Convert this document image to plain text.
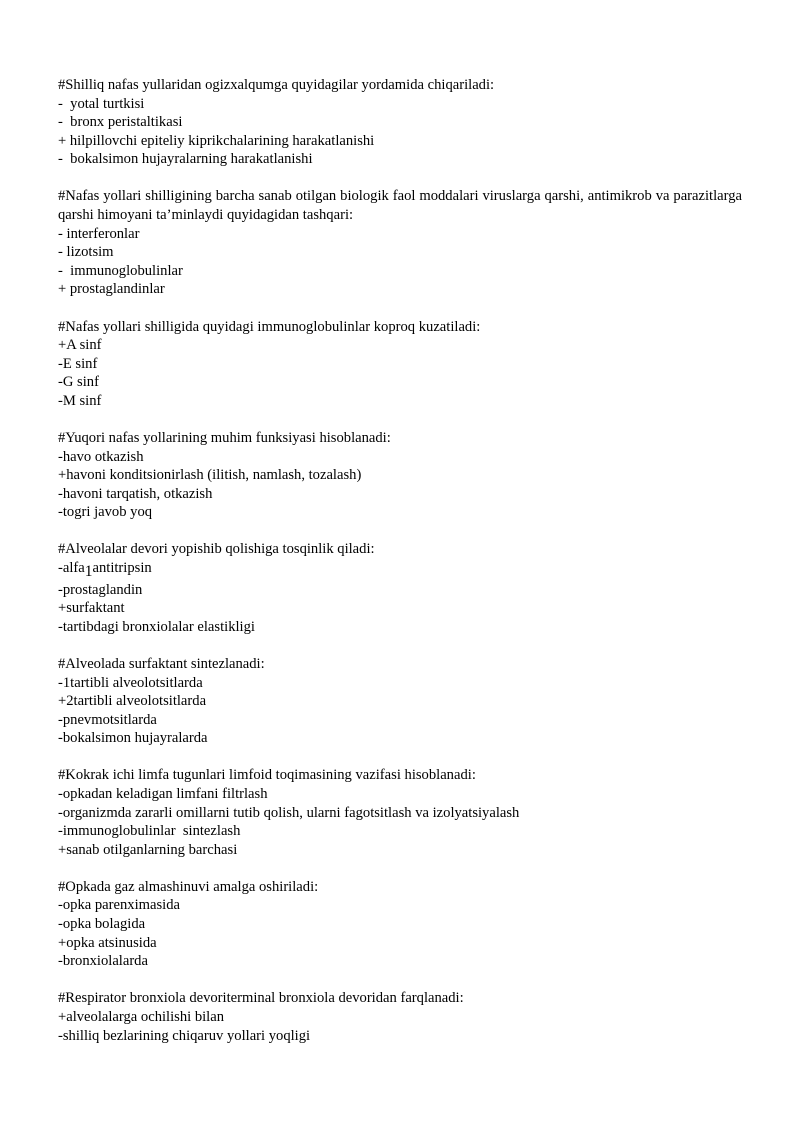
#Shilliq nafas yullaridan ogizxalqumga quyidagilar yordamida chiqariladi:

-  yotal turtkisi

-  bronx peristaltikasi

+ hilpillovchi epiteliy kiprikchalarining harakatlanishi

-  bokalsimon hujayralarning harakatlanishi

#Nafas yollari shilligining barcha sanab otilgan biologik faol moddalari viruslarga qarshi, antimikrob va parazitlarga qarshi himoyani ta’minlaydi quyidagidan tashqari:

- interferonlar

- lizotsim

-  immunoglobulinlar

+ prostaglandinlar

#Nafas yollari shilligida quyidagi immunoglobulinlar koproq kuzatiladi:

+A sinf

-E sinf

-G sinf

-M sinf

#Yuqori nafas yollarining muhim funksiyasi hisoblanadi:

-havo otkazish

+havoni konditsionirlash (ilitish, namlash, tozalash)

-havoni tarqatish, otkazish

-togri javob yoq

#Alveolalar devori yopishib qolishiga tosqinlik qiladi:

-alfa1antitripsin

-prostaglandin

+surfaktant

-tartibdagi bronxiolalar elastikligi

#Alveolada surfaktant sintezlanadi:

-1tartibli alveolotsitlarda

+2tartibli alveolotsitlarda

-pnevmotsitlarda

-bokalsimon hujayralarda

#Kokrak ichi limfa tugunlari limfoid toqimasining vazifasi hisoblanadi:

-opkadan keladigan limfani filtrlash

-organizmda zararli omillarni tutib qolish, ularni fagotsitlash va izolyatsiyalash

-immunoglobulinlar  sintezlash

+sanab otilganlarning barchasi

#Opkada gaz almashinuvi amalga oshiriladi:

-opka parenximasida

-opka bolagida

+opka atsinusida

-bronxiolalarda

#Respirator bronxiola devoriterminal bronxiola devoridan farqlanadi:

+alveolalarga ochilishi bilan

-shilliq bezlarining chiqaruv yollari yoqligi
